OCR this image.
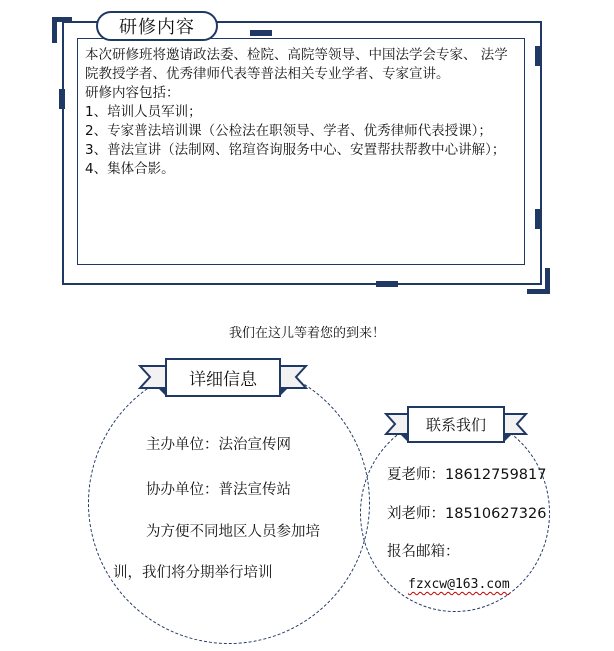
研修内容

本次研修班将邀请政法委、检院、高院等领导、中国法学会专家、 法学院教授学者、优秀律师代表等普法相关专业学者、专家宣讲。

研修内容包括：

1、培训人员军训；

2、专家普法培训课（公检法在职领导、学者、优秀律师代表授课）；

3、普法宣讲（法制网、铭瑄咨询服务中心、安置帮扶帮教中心讲解）；

4、集体合影。

我们在这儿等着您的到来！
详细信息
联系我们
主办单位：法治宣传网
协办单位：普法宣传站
为方便不同地区人员参加培
训，我们将分期举行培训
夏老师：18612759817
刘老师：18510627326
报名邮箱：
fzxcw@163.com
